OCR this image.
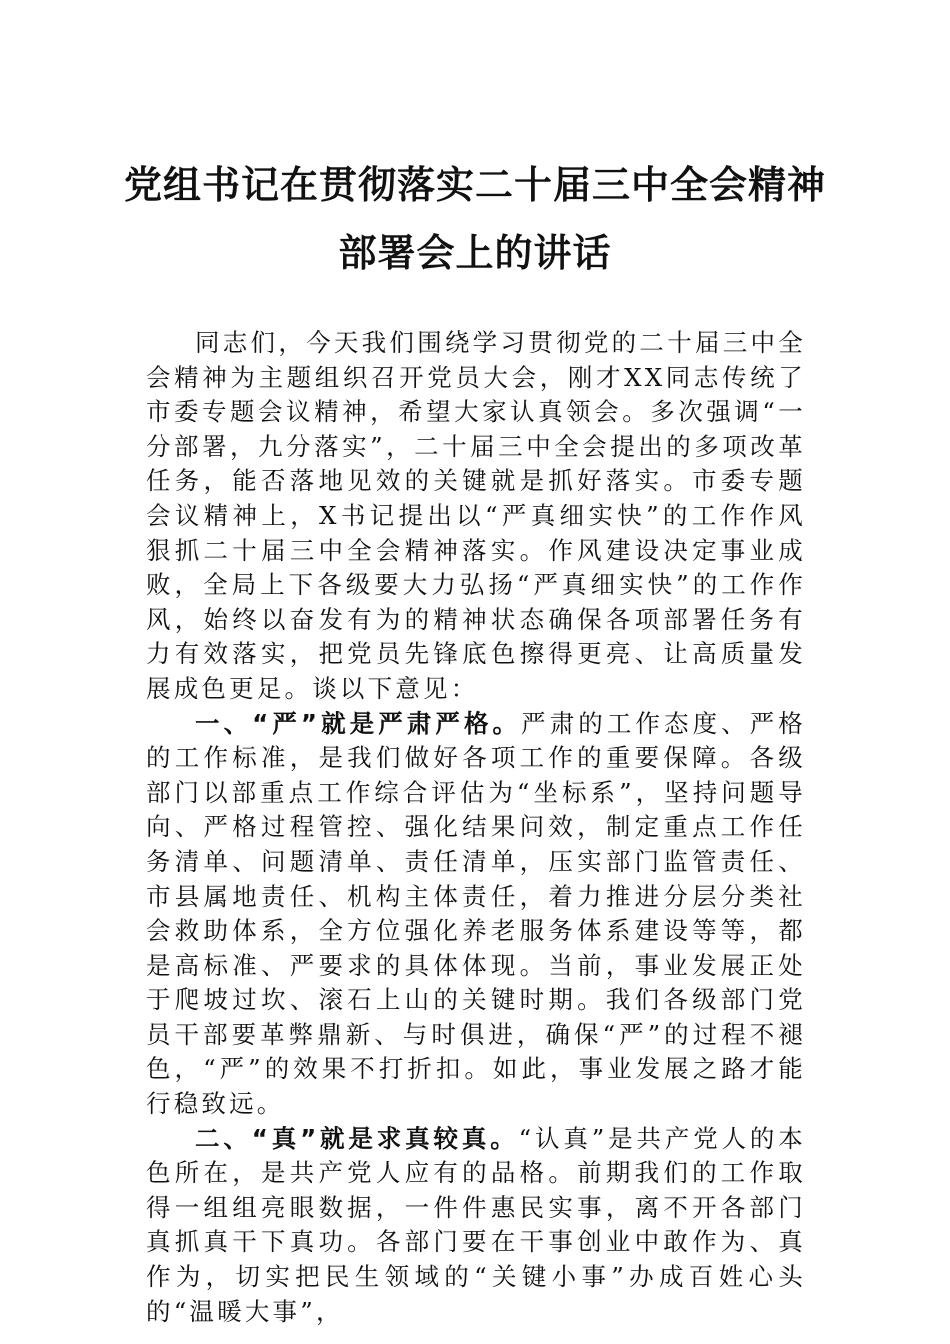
党组书记在贯彻落实二十届三中全会精神
部署会上的讲话

同志们，今天我们围绕学习贯彻党的二十届三中全会精神为主题组织召开党员大会，刚才XX同志传统了市委专题会议精神，希望大家认真领会。多次强调“一分部署，九分落实”，二十届三中全会提出的多项改革任务，能否落地见效的关键就是抓好落实。市委专题会议精神上，X书记提出以“严真细实快”的工作作风狠抓二十届三中全会精神落实。作风建设决定事业成败，全局上下各级要大力弘扬“严真细实快”的工作作风，始终以奋发有为的精神状态确保各项部署任务有力有效落实，把党员先锋底色擦得更亮、让高质量发展成色更足。谈以下意见：

一、“严”就是严肃严格。严肃的工作态度、严格的工作标准，是我们做好各项工作的重要保障。各级部门以部重点工作综合评估为“坐标系”，坚持问题导向、严格过程管控、强化结果问效，制定重点工作任务清单、问题清单、责任清单，压实部门监管责任、市县属地责任、机构主体责任，着力推进分层分类社会救助体系，全方位强化养老服务体系建设等等，都是高标准、严要求的具体体现。当前，事业发展正处于爬坡过坎、滚石上山的关键时期。我们各级部门党员干部要革弊鼎新、与时俱进，确保“严”的过程不褪色，“严”的效果不打折扣。如此，事业发展之路才能行稳致远。

二、“真”就是求真较真。“认真”是共产党人的本色所在，是共产党人应有的品格。前期我们的工作取得一组组亮眼数据，一件件惠民实事，离不开各部门真抓真干下真功。各部门要在干事创业中敢作为、真作为，切实把民生领域的“关键小事”办成百姓心头的“温暖大事”，
